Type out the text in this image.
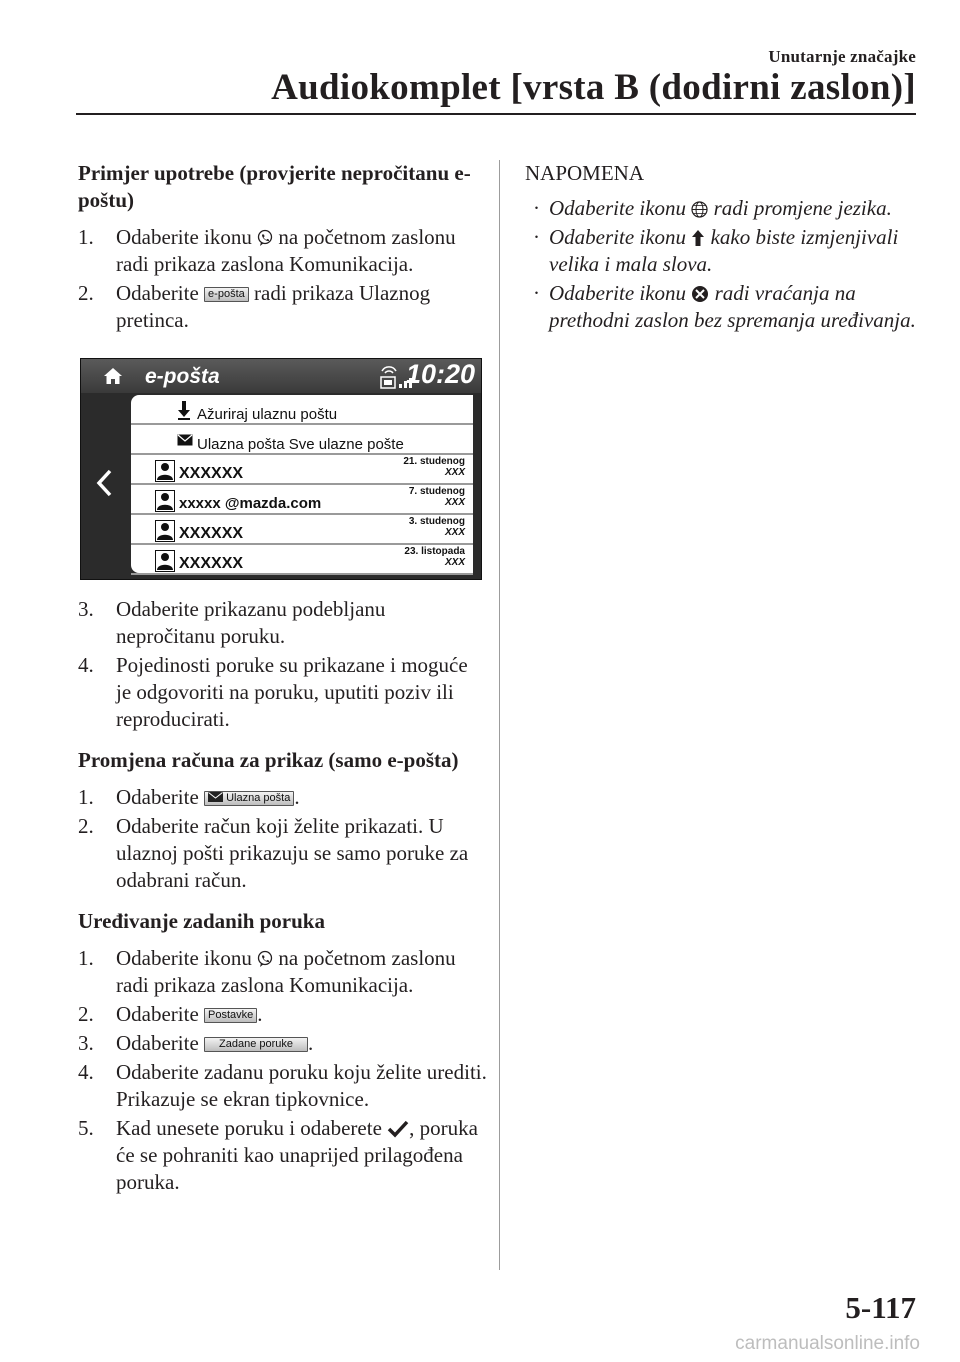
Unutarnje značajke
Audiokomplet [vrsta B (dodirni zaslon)]
Primjer upotrebe (provjerite nepročitanu e-poštu)
1. Odaberite ikonu na početnom zaslonu radi prikaza zaslona Komunikacija.
2. Odaberite e-pošta radi prikaza Ulaznog pretinca.
e-pošta	10:20
Ažuriraj ulaznu poštu
Ulazna pošta Sve ulazne pošte
XXXXXX
21. studenog
XXX
xxxxx @mazda.com
7. studenog
XXX
XXXXXX
3. studenog
XXX
XXXXXX
23. listopada
XXX
3. Odaberite prikazanu podebljanu nepročitanu poruku.
4. Pojedinosti poruke su prikazane i moguće je odgovoriti na poruku, uputiti poziv ili reproducirati.
Promjena računa za prikaz (samo e-pošta)
1. Odaberite Ulazna pošta .
2. Odaberite račun koji želite prikazati. U ulaznoj pošti prikazuju se samo poruke za odabrani račun.
Uređivanje zadanih poruka
1. Odaberite ikonu na početnom zaslonu radi prikaza zaslona Komunikacija.
2. Odaberite Postavke .
3. Odaberite Zadane poruke .
4. Odaberite zadanu poruku koju želite urediti. Prikazuje se ekran tipkovnice.
5. Kad unesete poruku i odaberete , poruka će se pohraniti kao unaprijed prilagođena poruka.
NAPOMENA
· Odaberite ikonu radi promjene jezika.
· Odaberite ikonu kako biste izmjenjivali velika i mala slova.
· Odaberite ikonu radi vraćanja na prethodni zaslon bez spremanja uređivanja.
5-117
carmanualsonline.info
